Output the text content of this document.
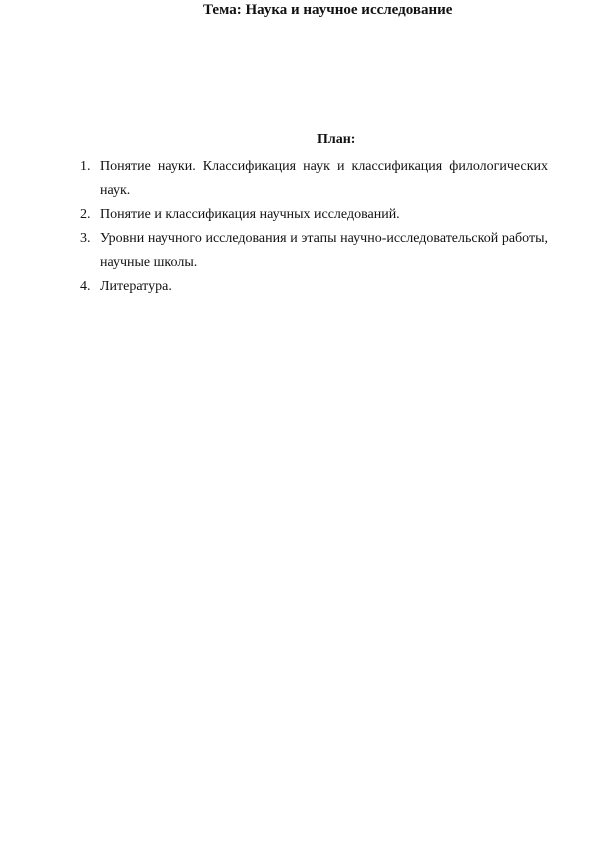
Тема: Наука и научное исследование
План:
1. Понятие науки. Классификация наук и классификация филологических наук.
2. Понятие и классификация научных исследований.
3. Уровни научного исследования и этапы научно-исследовательской работы, научные школы.
4. Литература.
